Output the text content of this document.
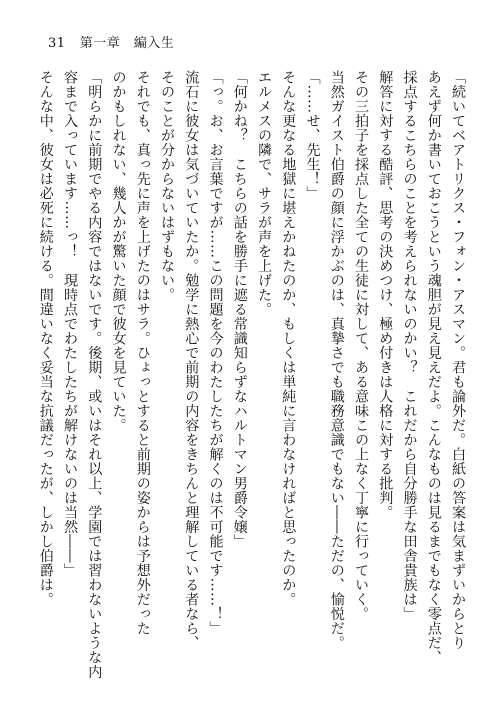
31 第一章　編入生

「続いてベアトリクス・フォン・アスマン。君も論外だ。白紙の答案は気まずいからとり

あえず何か書いておこうという魂胆が見え見えだよ。こんなものは見るまでもなく零点だ、

採点するこちらのことを考えられないのかい？　これだから自分勝手な田舎貴族は」

解答に対する酷評、思考の決めつけ、極め付きは人格に対する批判。

その三拍子を採点した全ての生徒に対して、ある意味この上なく丁寧に行っていく。

当然ガイスト伯爵の顔に浮かぶのは、真摯さでも職務意識でもない――ただの、愉悦だ。

「……せ、先生！」

そんな更なる地獄に堪えかねたのか、もしくは単純に言わなければと思ったのか。

エルメスの隣で、サラが声を上げた。

「何かね？　こちらの話を勝手に遮る常識知らずなハルトマン男爵令嬢」

「っ。お、お言葉ですが……この問題を今のわたしたちが解くのは不可能です……！」

流石に彼女は気づいていたか。勉学に熱心で前期の内容をきちんと理解している者なら、

そのことが分からないはずもない。

それでも、真っ先に声を上げたのはサラ。ひょっとすると前期の姿からは予想外だった

のかもしれない、幾人かが驚いた顔で彼女を見ていた。

「明らかに前期でやる内容ではないです。後期、或いはそれ以上、学園では習わないような内

容まで入っています……っ！　現時点でわたしたちが解けないのは当然――」

そんな中、彼女は必死に続ける。間違いなく妥当な抗議だったが、しかし伯爵は。
